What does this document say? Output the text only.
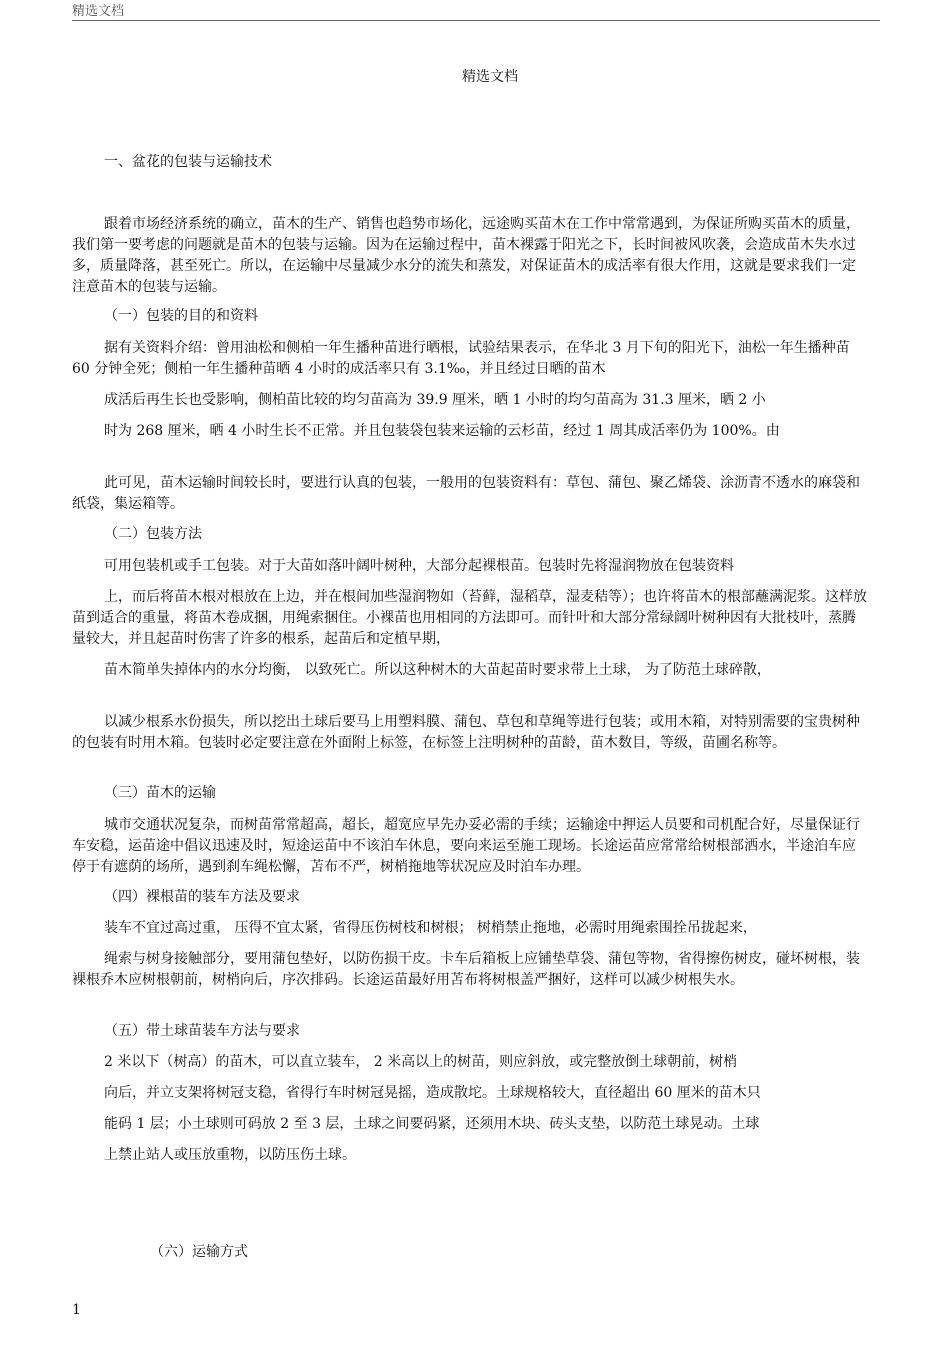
精选文档
精选文档
一、盆花的包装与运输技术
跟着市场经济系统的确立，苗木的生产、销售也趋势市场化，远途购买苗木在工作中常常遇到，为保证所购买苗木的质量，我们第一要考虑的问题就是苗木的包装与运输。因为在运输过程中，苗木裸露于阳光之下，长时间被风吹袭，会造成苗木失水过多，质量降落，甚至死亡。所以，在运输中尽量减少水分的流失和蒸发，对保证苗木的成活率有很大作用，这就是要求我们一定注意苗木的包装与运输。
（一）包装的目的和资料
据有关资料介绍：曾用油松和侧柏一年生播种苗进行晒根，试验结果表示，在华北 3 月下旬的阳光下，油松一年生播种苗 60 分钟全死；侧柏一年生播种苗晒 4 小时的成活率只有 3.1‰，并且经过日晒的苗木
成活后再生长也受影响，侧柏苗比较的均匀苗高为 39.9 厘米，晒 1 小时的均匀苗高为 31.3 厘米，晒 2 小
时为 268 厘米，晒 4 小时生长不正常。并且包装袋包装来运输的云杉苗，经过 1 周其成活率仍为 100%。由
此可见，苗木运输时间较长时，要进行认真的包装，一般用的包装资料有：草包、蒲包、聚乙烯袋、涂沥青不透水的麻袋和纸袋，集运箱等。
（二）包装方法
可用包装机或手工包装。对于大苗如落叶阔叶树种，大部分起裸根苗。包装时先将湿润物放在包装资料
上，而后将苗木根对根放在上边，并在根间加些湿润物如（苔藓，湿稻草，湿麦秸等）；也许将苗木的根部蘸满泥浆。这样放苗到适合的重量，将苗木卷成捆，用绳索捆住。小裸苗也用相同的方法即可。而针叶和大部分常绿阔叶树种因有大批枝叶，蒸腾量较大，并且起苗时伤害了许多的根系，起苗后和定植早期，
苗木简单失掉体内的水分均衡， 以致死亡。所以这种树木的大苗起苗时要求带上土球， 为了防范土球碎散，
以减少根系水份损失，所以挖出土球后要马上用塑料膜、蒲包、草包和草绳等进行包装；或用木箱，对特别需要的宝贵树种的包装有时用木箱。包装时必定要注意在外面附上标签，在标签上注明树种的苗龄，苗木数目，等级，苗圃名称等。
（三）苗木的运输
城市交通状况复杂，而树苗常常超高，超长，超宽应早先办妥必需的手续；运输途中押运人员要和司机配合好，尽量保证行车安稳，运苗途中倡议迅速及时，短途运苗中不该泊车休息，要向来运至施工现场。长途运苗应常常给树根部洒水，半途泊车应停于有遮荫的场所，遇到刹车绳松懈，苫布不严，树梢拖地等状况应及时泊车办理。
（四）裸根苗的装车方法及要求
装车不宜过高过重， 压得不宜太紧，省得压伤树枝和树根； 树梢禁止拖地，必需时用绳索围拴吊拢起来，
绳索与树身接触部分，要用蒲包垫好，以防伤损干皮。卡车后箱板上应铺垫草袋、蒲包等物，省得擦伤树皮，碰坏树根，装裸根乔木应树根朝前，树梢向后，序次排码。长途运苗最好用苫布将树根盖严捆好，这样可以减少树根失水。
（五）带土球苗装车方法与要求
2 米以下（树高）的苗木，可以直立装车， 2 米高以上的树苗，则应斜放，或完整放倒土球朝前，树梢
向后，并立支架将树冠支稳，省得行车时树冠晃摇，造成散坨。土球规格较大，直径超出 60 厘米的苗木只
能码 1 层；小土球则可码放 2 至 3 层，土球之间要码紧，还须用木块、砖头支垫，以防范土球晃动。土球
上禁止站人或压放重物，以防压伤土球。
（六）运输方式
1
